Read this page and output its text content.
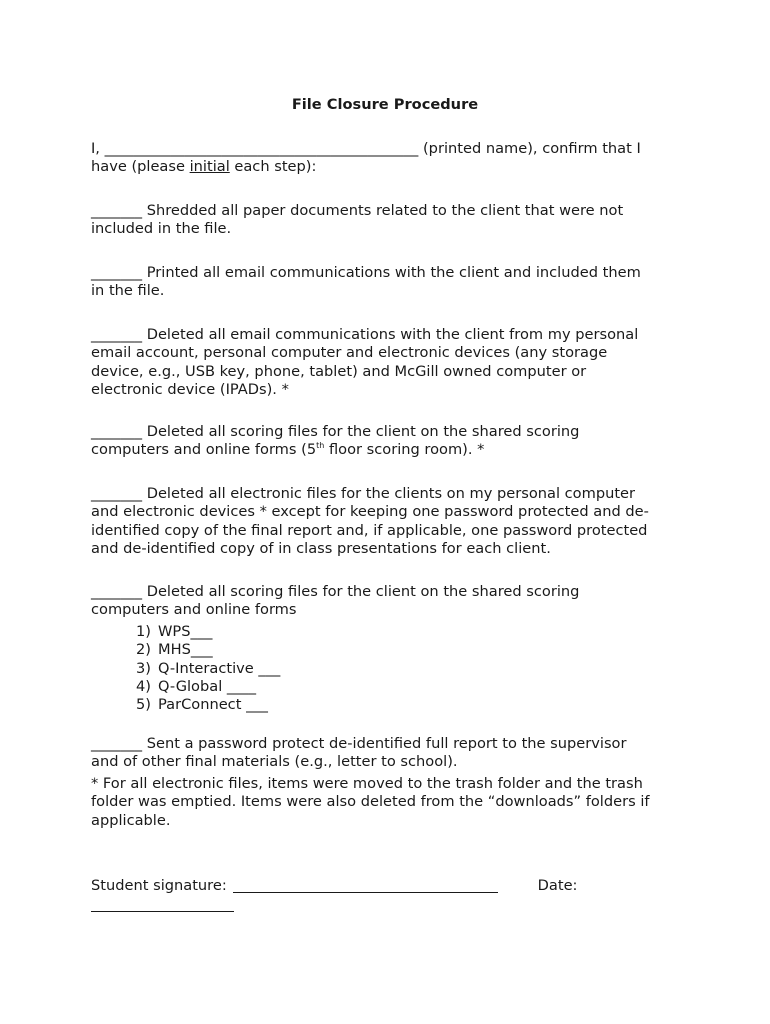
File Closure Procedure
I, ___________________________________________ (printed name), confirm that I
have (please initial each step):
_______ Shredded all paper documents related to the client that were not
included in the file.
_______ Printed all email communications with the client and included them
in the file.
_______ Deleted all email communications with the client from my personal
email account, personal computer and electronic devices (any storage
device, e.g., USB key, phone, tablet) and McGill owned computer or
electronic device (IPADs). *
_______ Deleted all scoring files for the client on the shared scoring
computers and online forms (5th floor scoring room). *
_______ Deleted all electronic files for the clients on my personal computer
and electronic devices * except for keeping one password protected and de-
identified copy of the final report and, if applicable, one password protected
and de-identified copy of in class presentations for each client.
_______ Deleted all scoring files for the client on the shared scoring
computers and online forms
1) WPS___
2) MHS___
3) Q-Interactive ___
4) Q-Global ____
5) ParConnect ___
_______ Sent a password protect de-identified full report to the supervisor
and of other final materials (e.g., letter to school).
* For all electronic files, items were moved to the trash folder and the trash
folder was emptied. Items were also deleted from the “downloads” folders if
applicable.
Student signature:	Date:
